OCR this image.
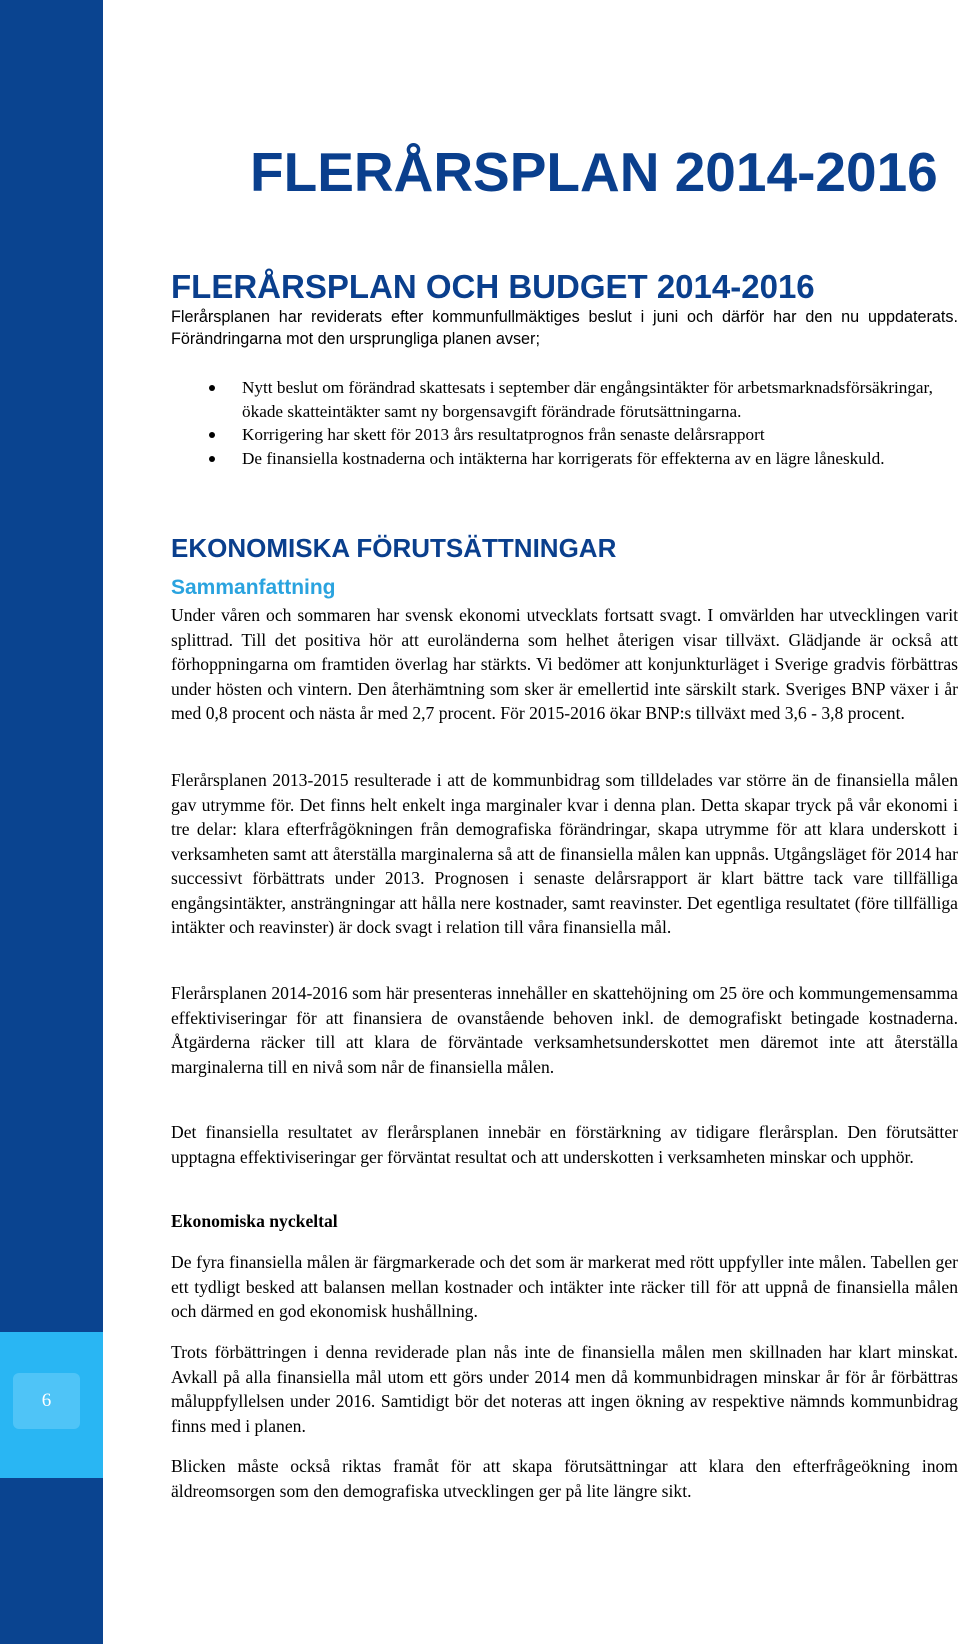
6
FLERÅRSPLAN 2014-2016
FLERÅRSPLAN OCH BUDGET 2014-2016

Flerårsplanen har reviderats efter kommunfullmäktiges beslut i juni och därför har den nu uppdaterats. Förändringarna mot den ursprungliga planen avser;

Nytt beslut om förändrad skattesats i september där engångsintäkter för arbetsmarknadsförsäkringar, ökade skatteintäkter samt ny borgensavgift förändrade förutsättningarna.
Korrigering har skett för 2013 års resultatprognos från senaste delårsrapport
De finansiella kostnaderna och intäkterna har korrigerats för effekterna av en lägre låneskuld.
EKONOMISKA FÖRUTSÄTTNINGAR
Sammanfattning

Under våren och sommaren har svensk ekonomi utvecklats fortsatt svagt. I omvärlden har utvecklingen varit splittrad. Till det positiva hör att euroländerna som helhet återigen visar tillväxt. Glädjande är också att förhoppningarna om framtiden överlag har stärkts. Vi bedömer att konjunkturläget i Sverige gradvis förbättras under hösten och vintern. Den återhämtning som sker är emellertid inte särskilt stark. Sveriges BNP växer i år med 0,8 procent och nästa år med 2,7 procent. För 2015-2016 ökar BNP:s tillväxt med 3,6 - 3,8 procent.

Flerårsplanen 2013-2015 resulterade i att de kommunbidrag som tilldelades var större än de finansiella målen gav utrymme för. Det finns helt enkelt inga marginaler kvar i denna plan. Detta skapar tryck på vår ekonomi i tre delar: klara efterfrågökningen från demografiska förändringar, skapa utrymme för att klara underskott i verksamheten samt att återställa marginalerna så att de finansiella målen kan uppnås. Utgångsläget för 2014 har successivt förbättrats under 2013. Prognosen i senaste delårsrapport är klart bättre tack vare tillfälliga engångsintäkter, ansträngningar att hålla nere kostnader, samt reavinster. Det egentliga resultatet (före tillfälliga intäkter och reavinster) är dock svagt i relation till våra finansiella mål.

Flerårsplanen 2014-2016 som här presenteras innehåller en skattehöjning om 25 öre och kommungemensamma effektiviseringar för att finansiera de ovanstående behoven inkl. de demografiskt betingade kostnaderna. Åtgärderna räcker till att klara de förväntade verksamhetsunderskottet men däremot inte att återställa marginalerna till en nivå som når de finansiella målen.

Det finansiella resultatet av flerårsplanen innebär en förstärkning av tidigare flerårsplan. Den förutsätter upptagna effektiviseringar ger förväntat resultat och att underskotten i verksamheten minskar och upphör.

Ekonomiska nyckeltal

De fyra finansiella målen är färgmarkerade och det som är markerat med rött uppfyller inte målen. Tabellen ger ett tydligt besked att balansen mellan kostnader och intäkter inte räcker till för att uppnå de finansiella målen och därmed en god ekonomisk hushållning.

Trots förbättringen i denna reviderade plan nås inte de finansiella målen men skillnaden har klart minskat. Avkall på alla finansiella mål utom ett görs under 2014 men då kommunbidragen minskar år för år förbättras måluppfyllelsen under 2016. Samtidigt bör det noteras att ingen ökning av respektive nämnds kommunbidrag finns med i planen.

Blicken måste också riktas framåt för att skapa förutsättningar att klara den efterfrågeökning inom äldreomsorgen som den demografiska utvecklingen ger på lite längre sikt.
